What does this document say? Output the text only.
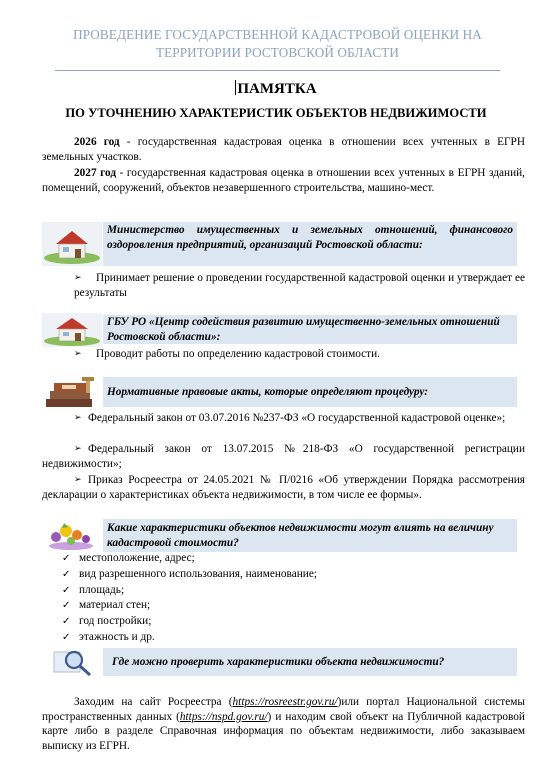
ПРОВЕДЕНИЕ ГОСУДАРСТВЕННОЙ КАДАСТРОВОЙ ОЦЕНКИ НА
ТЕРРИТОРИИ РОСТОВСКОЙ ОБЛАСТИ
ПАМЯТКА
ПО УТОЧНЕНИЮ ХАРАКТЕРИСТИК ОБЪЕКТОВ НЕДВИЖИМОСТИ
2026 год - государственная кадастровая оценка в отношении всех учтенных в ЕГРН земельных участков.
2027 год - государственная кадастровая оценка в отношении всех учтенных в ЕГРН зданий, помещений, сооружений, объектов незавершенного строительства, машино-мест.
Министерство имущественных и земельных отношений, финансового оздоровления предприятий, организаций Ростовской области:
➢ Принимает решение о проведении государственной кадастровой оценки и утверждает ее результаты
ГБУ РО «Центр содействия развитию имущественно-земельных отношений Ростовской области»:
➢ Проводит работы по определению кадастровой стоимости.
Нормативные правовые акты, которые определяют процедуру:
➢ Федеральный закон от 03.07.2016 №237-ФЗ «О государственной кадастровой оценке»;
➢ Федеральный закон от 13.07.2015 №218-ФЗ «О государственной регистрации недвижимости»;
➢ Приказ Росреестра от 24.05.2021 № П/0216 «Об утверждении Порядка рассмотрения декларации о характеристиках объекта недвижимости, в том числе ее формы».
Какие характеристики объектов недвижимости могут влиять на величину кадастровой стоимости?
✓ местоположение, адрес;
✓ вид разрешенного использования, наименование;
✓ площадь;
✓ материал стен;
✓ год постройки;
✓ этажность и др.
Где можно проверить характеристики объекта недвижимости?
Заходим на сайт Росреестра (https://rosreestr.gov.ru/)или портал Национальной системы пространственных данных (https://nspd.gov.ru/) и находим свой объект на Публичной кадастровой карте либо в разделе Справочная информация по объектам недвижимости, либо заказываем выписку из ЕГРН.
